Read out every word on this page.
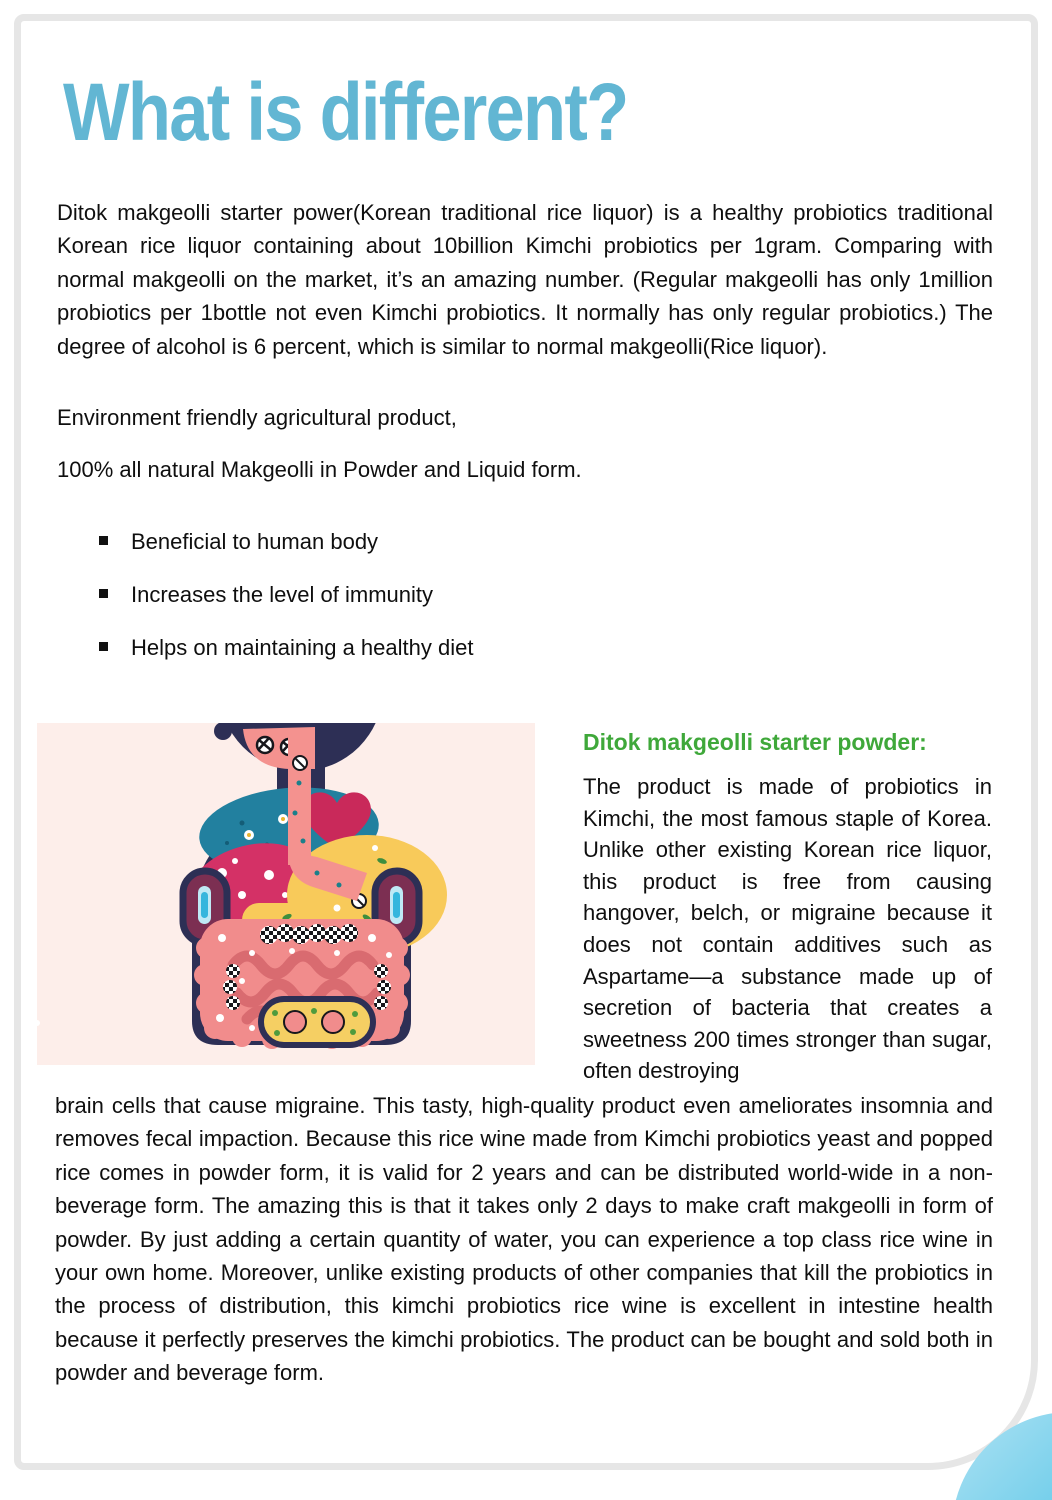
What is different?

Ditok makgeolli starter power(Korean traditional rice liquor) is a healthy probiotics traditional Korean rice liquor containing about 10billion Kimchi probiotics per 1gram. Comparing with normal makgeolli on the market, it’s an amazing number. (Regular makgeolli has only 1million probiotics per 1bottle not even Kimchi probiotics. It normally has only regular probiotics.) The degree of alcohol is 6 percent, which is similar to normal makgeolli(Rice liquor).

Environment friendly agricultural product,

100% all natural Makgeolli in Powder and Liquid form.

Beneficial to human body
Increases the level of immunity
Helps on maintaining a healthy diet
Ditok makgeolli starter powder:

The product is made of probiotics in Kimchi, the most famous staple of Korea. Unlike other existing Korean rice liquor, this product is free from causing hangover, belch, or migraine because it does not contain additives such as Aspartame—a substance made up of secretion of bacteria that creates a sweetness 200 times stronger than sugar, often destroying

brain cells that cause migraine. This tasty, high-quality product even ameliorates insomnia and removes fecal impaction. Because this rice wine made from Kimchi probiotics yeast and popped rice comes in powder form, it is valid for 2 years and can be distributed world-wide in a non-beverage form. The amazing this is that it takes only 2 days to make craft makgeolli in form of powder. By just adding a certain quantity of water, you can experience a top class rice wine in your own home. Moreover, unlike existing products of other companies that kill the probiotics in the process of distribution, this kimchi probiotics rice wine is excellent in intestine health because it perfectly preserves the kimchi probiotics. The product can be bought and sold both in powder and beverage form.
